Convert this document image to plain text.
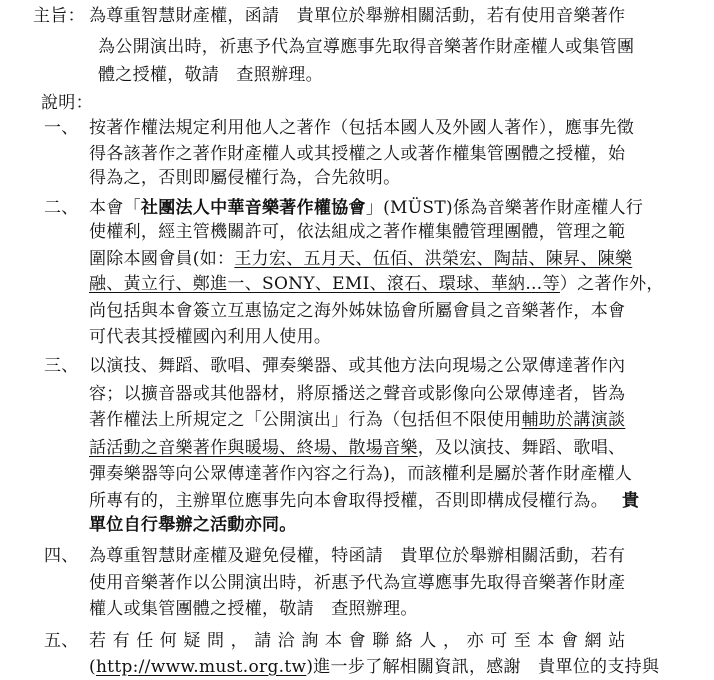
主旨： 為尊重智慧財產權，函請　貴單位於舉辦相關活動，若有使用音樂著作
為公開演出時，祈惠予代為宣導應事先取得音樂著作財產權人或集管團
體之授權，敬請　查照辦理。
說明：
一、 按著作權法規定利用他人之著作（包括本國人及外國人著作），應事先徵
得各該著作之著作財產權人或其授權之人或著作權集管團體之授權，始
得為之，否則即屬侵權行為，合先敘明。
二、 本會「社團法人中華音樂著作權協會」(MÜST)係為音樂著作財產權人行
使權利，經主管機關許可，依法組成之著作權集體管理團體，管理之範
圍除本國會員(如：王力宏、五月天、伍佰、洪榮宏、陶喆、陳昇、陳樂
融、黃立行、鄭進一、SONY、EMI、滾石、環球、華納…等）之著作外，
尚包括與本會簽立互惠協定之海外姊妹協會所屬會員之音樂著作，本會
可代表其授權國內利用人使用。
三、 以演技、舞蹈、歌唱、彈奏樂器、或其他方法向現場之公眾傳達著作內
容；以擴音器或其他器材，將原播送之聲音或影像向公眾傳達者，皆為
著作權法上所規定之「公開演出」行為（包括但不限使用輔助於講演談
話活動之音樂著作與暖場、終場、散場音樂，及以演技、舞蹈、歌唱、
彈奏樂器等向公眾傳達著作內容之行為)，而該權利是屬於著作財產權人
所專有的，主辦單位應事先向本會取得授權，否則即構成侵權行為。 貴
單位自行舉辦之活動亦同。
四、 為尊重智慧財產權及避免侵權，特函請　貴單位於舉辦相關活動，若有
使用音樂著作以公開演出時，祈惠予代為宣導應事先取得音樂著作財產
權人或集管團體之授權，敬請　查照辦理。
五、 若有任何疑問，請洽詢本會聯絡人，亦可至本會網站
(http://www.must.org.tw)進一步了解相關資訊，感謝　貴單位的支持與
